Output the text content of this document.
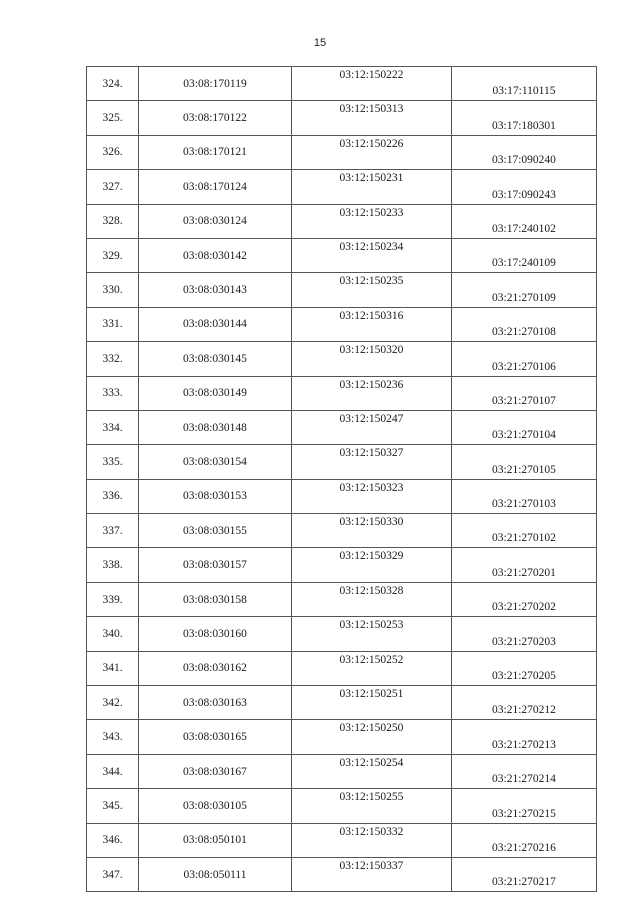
15
324.	03:08:170119	03:12:150222	03:17:110115
325.	03:08:170122	03:12:150313	03:17:180301
326.	03:08:170121	03:12:150226	03:17:090240
327.	03:08:170124	03:12:150231	03:17:090243
328.	03:08:030124	03:12:150233	03:17:240102
329.	03:08:030142	03:12:150234	03:17:240109
330.	03:08:030143	03:12:150235	03:21:270109
331.	03:08:030144	03:12:150316	03:21:270108
332.	03:08:030145	03:12:150320	03:21:270106
333.	03:08:030149	03:12:150236	03:21:270107
334.	03:08:030148	03:12:150247	03:21:270104
335.	03:08:030154	03:12:150327	03:21:270105
336.	03:08:030153	03:12:150323	03:21:270103
337.	03:08:030155	03:12:150330	03:21:270102
338.	03:08:030157	03:12:150329	03:21:270201
339.	03:08:030158	03:12:150328	03:21:270202
340.	03:08:030160	03:12:150253	03:21:270203
341.	03:08:030162	03:12:150252	03:21:270205
342.	03:08:030163	03:12:150251	03:21:270212
343.	03:08:030165	03:12:150250	03:21:270213
344.	03:08:030167	03:12:150254	03:21:270214
345.	03:08:030105	03:12:150255	03:21:270215
346.	03:08:050101	03:12:150332	03:21:270216
347.	03:08:050111	03:12:150337	03:21:270217
